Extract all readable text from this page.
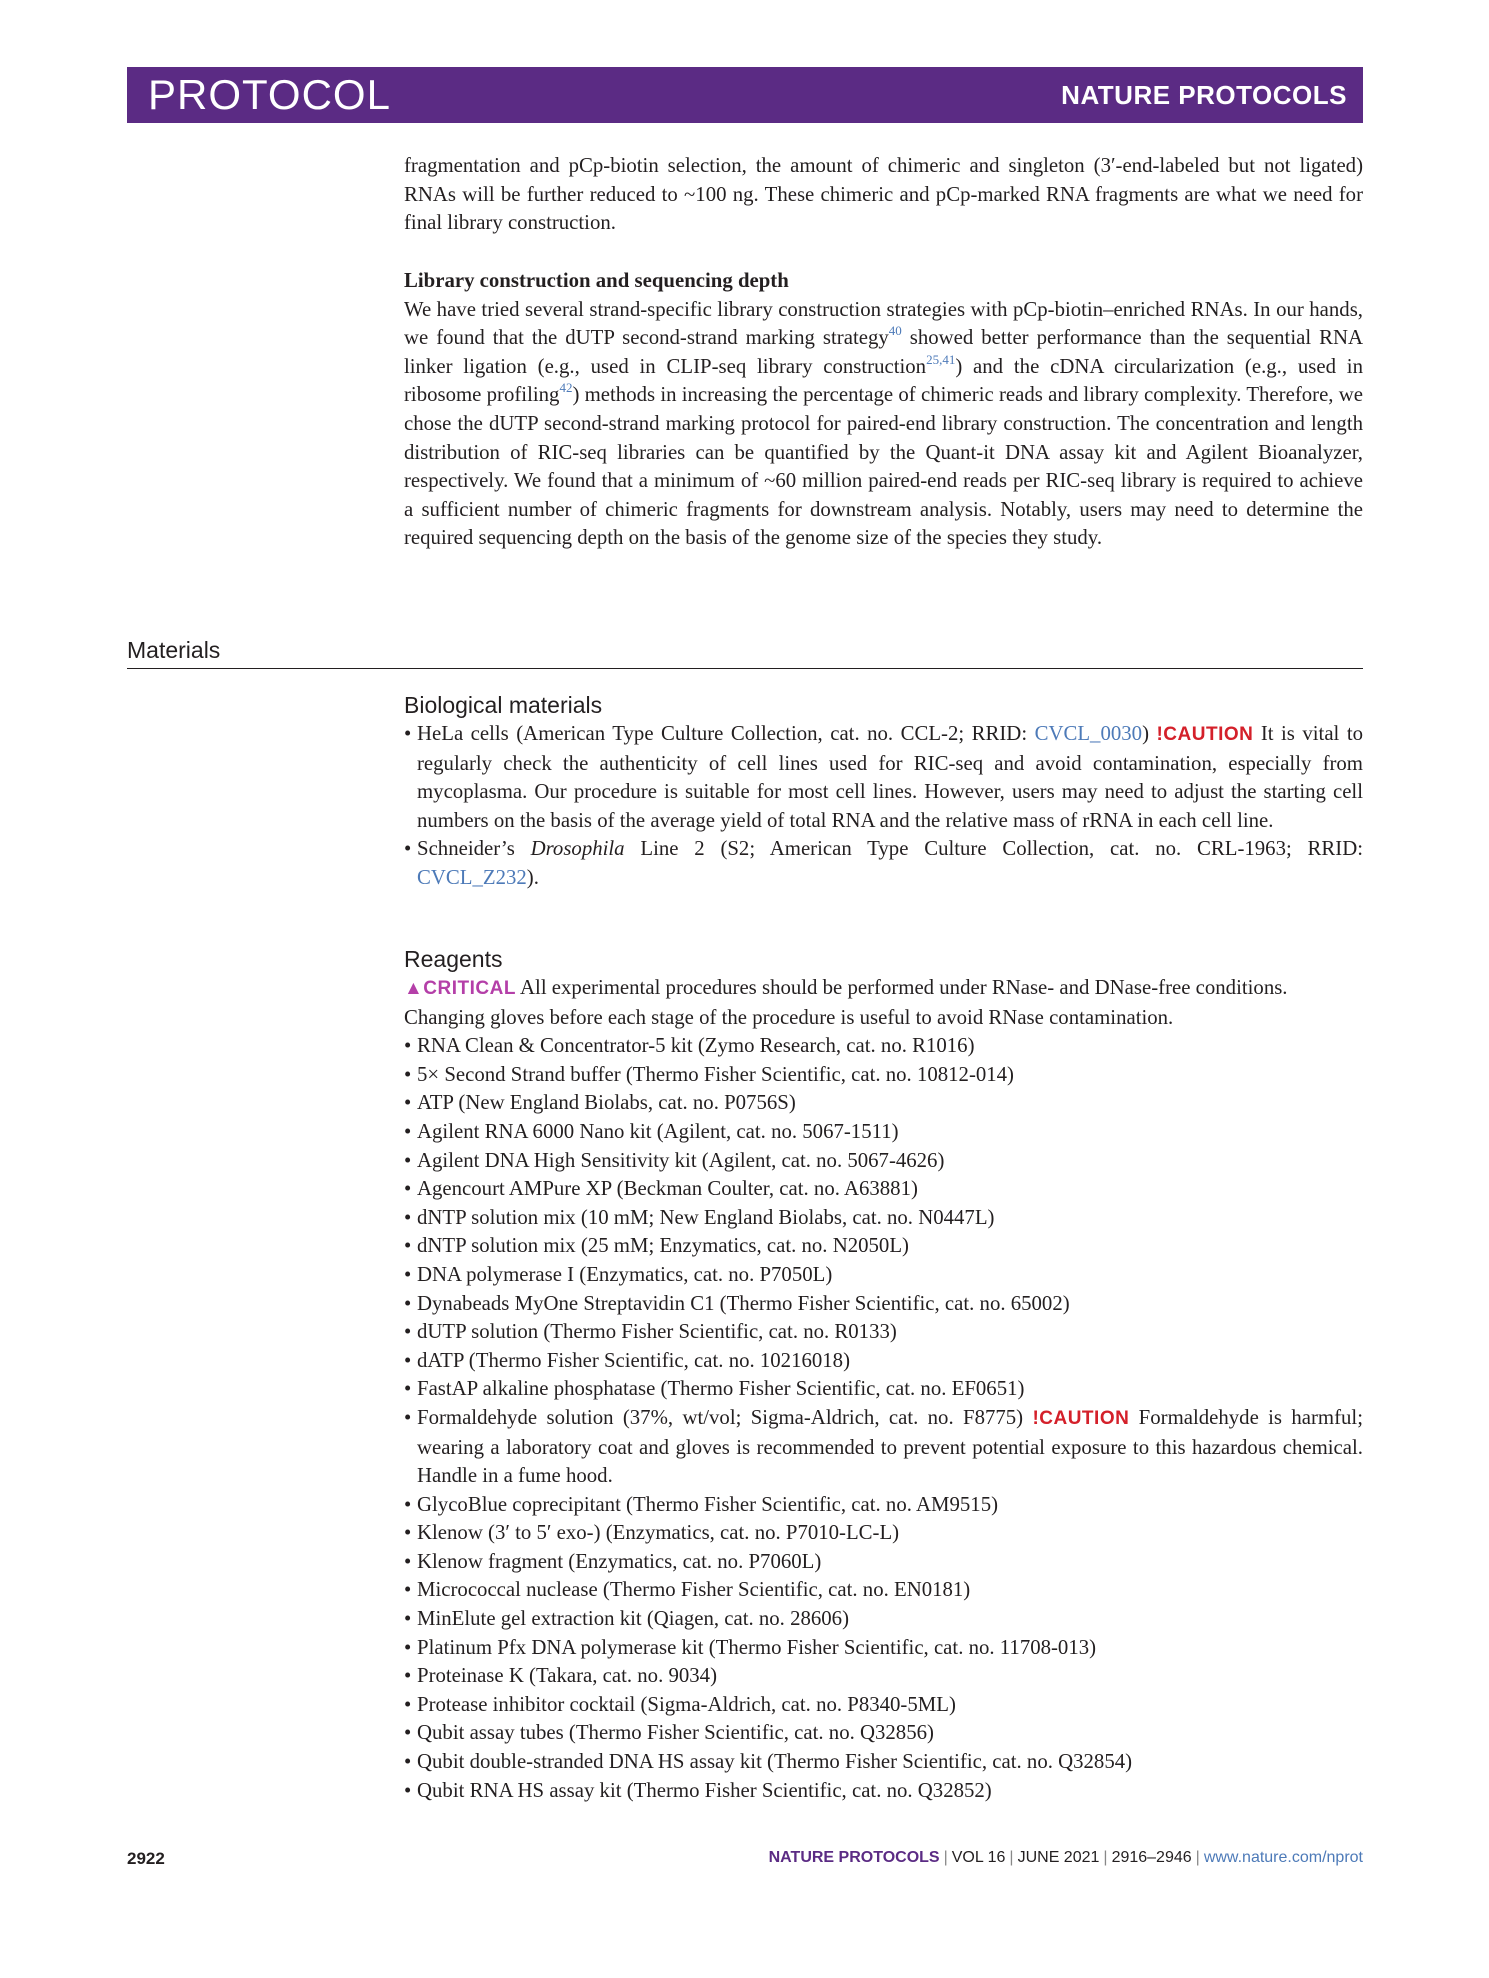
PROTOCOL	NATURE PROTOCOLS

fragmentation and pCp-biotin selection, the amount of chimeric and singleton (3′-end-labeled but not ligated) RNAs will be further reduced to ~100 ng. These chimeric and pCp-marked RNA fragments are what we need for final library construction.

Library construction and sequencing depth

We have tried several strand-specific library construction strategies with pCp-biotin–enriched RNAs. In our hands, we found that the dUTP second-strand marking strategy$^{40}$ showed better performance than the sequential RNA linker ligation (e.g., used in CLIP-seq library construction$^{25,41}$) and the cDNA circularization (e.g., used in ribosome profiling$^{42}$) methods in increasing the percentage of chimeric reads and library complexity. Therefore, we chose the dUTP second-strand marking protocol for paired-end library construction. The concentration and length distribution of RIC-seq libraries can be quantified by the Quant-it DNA assay kit and Agilent Bioanalyzer, respectively. We found that a minimum of ~60 million paired-end reads per RIC-seq library is required to achieve a sufficient number of chimeric fragments for downstream analysis. Notably, users may need to determine the required sequencing depth on the basis of the genome size of the species they study.

Materials

Biological materials

• HeLa cells (American Type Culture Collection, cat. no. CCL-2; RRID: CVCL_0030) !CAUTION It is vital to regularly check the authenticity of cell lines used for RIC-seq and avoid contamination, especially from mycoplasma. Our procedure is suitable for most cell lines. However, users may need to adjust the starting cell numbers on the basis of the average yield of total RNA and the relative mass of rRNA in each cell line.
• Schneider’s Drosophila Line 2 (S2; American Type Culture Collection, cat. no. CRL-1963; RRID: CVCL_Z232).

Reagents

▲CRITICAL All experimental procedures should be performed under RNase- and DNase-free conditions. Changing gloves before each stage of the procedure is useful to avoid RNase contamination.

• RNA Clean & Concentrator-5 kit (Zymo Research, cat. no. R1016)
• 5× Second Strand buffer (Thermo Fisher Scientific, cat. no. 10812-014)
• ATP (New England Biolabs, cat. no. P0756S)
• Agilent RNA 6000 Nano kit (Agilent, cat. no. 5067-1511)
• Agilent DNA High Sensitivity kit (Agilent, cat. no. 5067-4626)
• Agencourt AMPure XP (Beckman Coulter, cat. no. A63881)
• dNTP solution mix (10 mM; New England Biolabs, cat. no. N0447L)
• dNTP solution mix (25 mM; Enzymatics, cat. no. N2050L)
• DNA polymerase I (Enzymatics, cat. no. P7050L)
• Dynabeads MyOne Streptavidin C1 (Thermo Fisher Scientific, cat. no. 65002)
• dUTP solution (Thermo Fisher Scientific, cat. no. R0133)
• dATP (Thermo Fisher Scientific, cat. no. 10216018)
• FastAP alkaline phosphatase (Thermo Fisher Scientific, cat. no. EF0651)
• Formaldehyde solution (37%, wt/vol; Sigma-Aldrich, cat. no. F8775) !CAUTION Formaldehyde is harmful; wearing a laboratory coat and gloves is recommended to prevent potential exposure to this hazardous chemical. Handle in a fume hood.
• GlycoBlue coprecipitant (Thermo Fisher Scientific, cat. no. AM9515)
• Klenow (3′ to 5′ exo-) (Enzymatics, cat. no. P7010-LC-L)
• Klenow fragment (Enzymatics, cat. no. P7060L)
• Micrococcal nuclease (Thermo Fisher Scientific, cat. no. EN0181)
• MinElute gel extraction kit (Qiagen, cat. no. 28606)
• Platinum Pfx DNA polymerase kit (Thermo Fisher Scientific, cat. no. 11708-013)
• Proteinase K (Takara, cat. no. 9034)
• Protease inhibitor cocktail (Sigma-Aldrich, cat. no. P8340-5ML)
• Qubit assay tubes (Thermo Fisher Scientific, cat. no. Q32856)
• Qubit double-stranded DNA HS assay kit (Thermo Fisher Scientific, cat. no. Q32854)
• Qubit RNA HS assay kit (Thermo Fisher Scientific, cat. no. Q32852)
2922	NATURE PROTOCOLS | VOL 16 | JUNE 2021 | 2916–2946 | www.nature.com/nprot
